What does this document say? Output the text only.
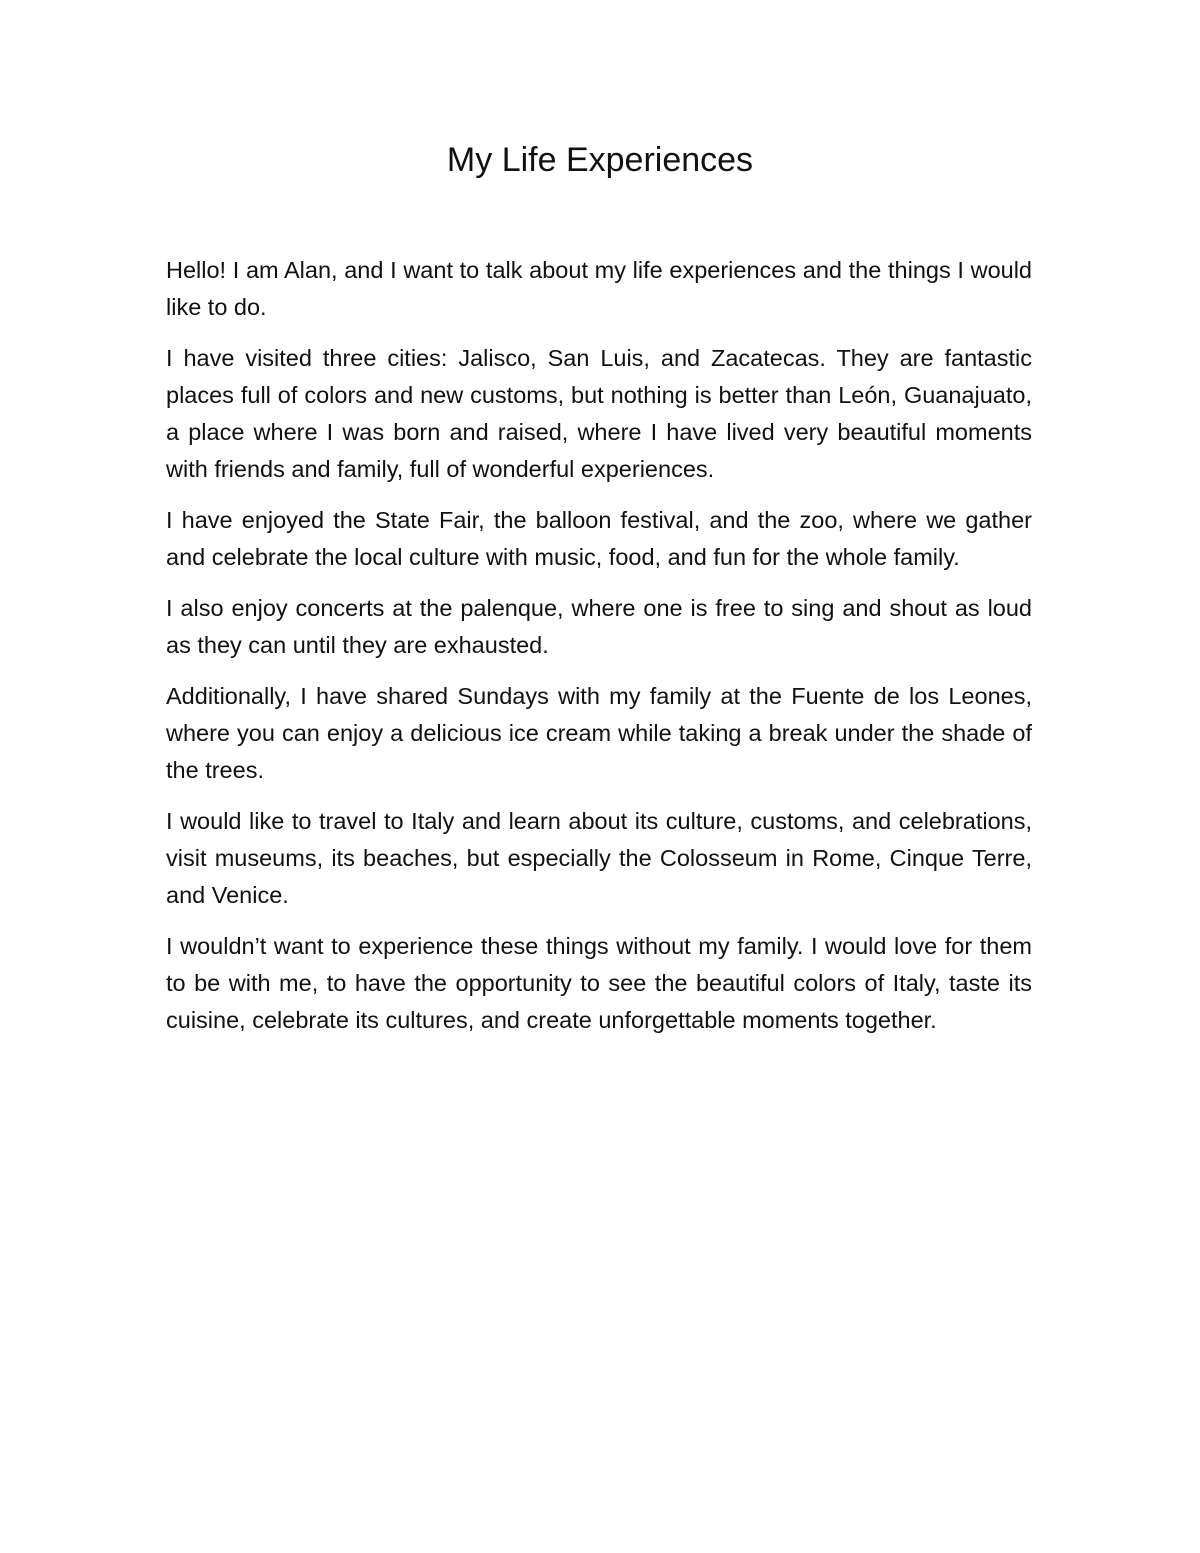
My Life Experiences

Hello! I am Alan, and I want to talk about my life experiences and the things I would like to do.

I have visited three cities: Jalisco, San Luis, and Zacatecas. They are fantastic places full of colors and new customs, but nothing is better than León, Guanajuato, a place where I was born and raised, where I have lived very beautiful moments with friends and family, full of wonderful experiences.

I have enjoyed the State Fair, the balloon festival, and the zoo, where we gather and celebrate the local culture with music, food, and fun for the whole family.

I also enjoy concerts at the palenque, where one is free to sing and shout as loud as they can until they are exhausted.

Additionally, I have shared Sundays with my family at the Fuente de los Leones, where you can enjoy a delicious ice cream while taking a break under the shade of the trees.

I would like to travel to Italy and learn about its culture, customs, and celebrations, visit museums, its beaches, but especially the Colosseum in Rome, Cinque Terre, and Venice.

I wouldn’t want to experience these things without my family. I would love for them to be with me, to have the opportunity to see the beautiful colors of Italy, taste its cuisine, celebrate its cultures, and create unforgettable moments together.
